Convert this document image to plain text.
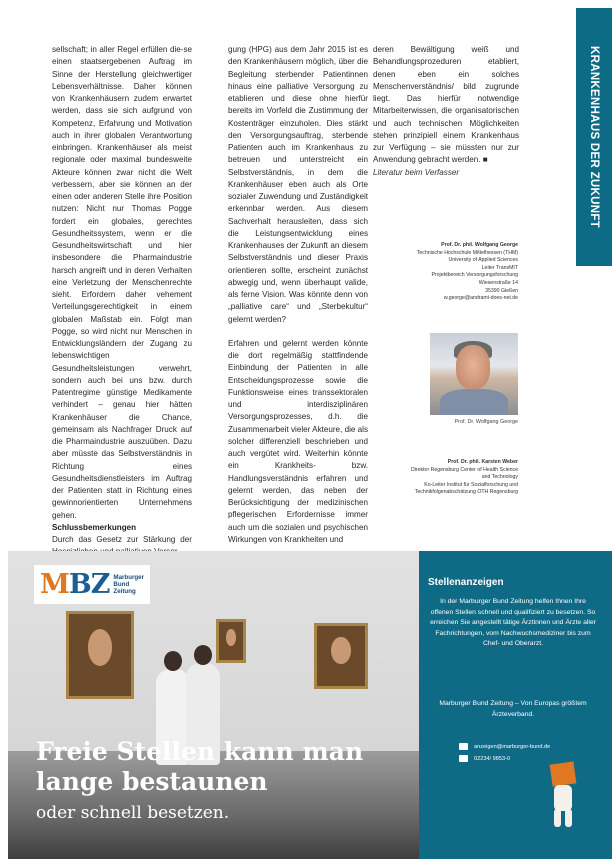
KRANKENHAUS DER ZUKUNFT

sellschaft; in aller Regel erfüllen die-se einen staatsergebenen Auftrag im Sinne der Herstellung gleichwertiger Lebensverhältnisse. Daher können von Krankenhäusern zudem erwartet werden, dass sie sich aufgrund von Kompetenz, Erfahrung und Motivation auch in ihrer globalen Verantwortung einbringen. Krankenhäuser als meist regionale oder maximal bundesweite Akteure können zwar nicht die Welt verbessern, aber sie können an der einen oder anderen Stelle ihre Position nutzen: Nicht nur Thomas Pogge fordert ein globales, gerechtes Gesundheitssystem, wenn er die Gesundheitswirtschaft und hier insbesondere die Pharmaindustrie harsch angreift und in deren Verhalten eine Verletzung der Menschenrechte sieht. Erfordern daher vehement Verteilungsgerechtigkeit in einem globalen Maßstab ein. Folgt man Pogge, so wird nicht nur Menschen in Entwicklungsländern der Zugang zu lebenswichtigen Gesundheitsleistungen verwehrt, sondern auch bei uns bzw. durch Patentregime günstige Medikamente verhindert – genau hier hätten Krankenhäuser die Chance, gemeinsam als Nachfrager Druck auf die Pharmaindustrie auszuüben. Dazu aber müsste das Selbstverständnis in Richtung eines Gesundheitsdienstleisters im Auftrag der Patienten statt in Richtung eines gewinnorientierten Unternehmens gehen.

Schlussbemerkungen

Durch das Gesetz zur Stärkung der

gung (HPG) aus dem Jahr 2015 ist es den Krankenhäusern möglich, über die Begleitung sterbender Patientinnen hinaus eine palliative Versorgung zu etablieren und diese ohne hierfür bereits im Vorfeld die Zustimmung der Kostenträger einzuholen. Dies stärkt den Versorgungsauftrag, sterbende Patienten auch im Krankenhaus zu betreuen und unterstreicht ein Selbstverständnis, in dem die Krankenhäuser eben auch als Orte sozialer Zuwendung und Zuständigkeit erkennbar werden. Aus diesem Sachverhalt herausleiten, dass sich die Leistungsentwicklung eines Krankenhauses der Zukunft an diesem Selbstverständnis und dieser Praxis orientieren sollte, erscheint zunächst abwegig und, wenn überhaupt valide, als ferne Vision. Was könnte denn von „palliative care“ und „Sterbekultur“ gelernt werden?

Erfahren und gelernt werden könnte die dort regelmäßig stattfindende Einbindung der Patienten in alle Entscheidungsprozesse sowie die Funktionsweise eines transsektoralen und interdisziplinären Versorgungsprozesses, d.h. die Zusammenarbeit vieler Akteure, die als solcher differenziell beschrieben und auch vergütet wird. Weiterhin könnte ein Krankheits- bzw. Handlungsverständnis erfahren und gelernt werden, das neben der Berücksichtigung der medizinischen pflegerischen Erfordernisse immer auch um die sozialen und psychischen Wirkungen von Krankheiten und

deren Bewältigung weiß und Behandlungsprozeduren etabliert, denen eben ein solches Menschenverständnis/ bild zugrunde liegt. Das hierfür notwendige Mitarbeiterwissen, die organisatorischen und auch technischen Möglichkeiten stehen prinzipiell einem Krankenhaus zur Verfügung – sie müssten nur zur Anwendung gebracht werden. ■

Literatur beim Verfasser

Prof. Dr. phil. Wolfgang George
Technische Hochschule Mittelhessen (THM)
University of Applied Sciences
Leiter TransMIT
Projektbereich Versorgungsforschung
Wiesenstraße 14
35390 Gießen
w.george@andrami-does-net.de
Prof. Dr. Wolfgang George
Prof. Dr. phil. Karsten Weber
Direktor Regensburg Center of Health Science
and Technology
Ko-Leiter Institut für Sozialforschung und
Technikfolgenabschätzung OTH Regensburg
M BZ Marburger
Bund
Zeitung
Freie Stellen kann man
lange bestaunen
oder schnell besetzen.
Stellenanzeigen
In der Marburger Bund Zeitung helfen Ihnen Ihre offenen Stellen schnell und qualifiziert zu besetzen. So erreichen Sie angestellt tätige Ärztinnen und Ärzte aller Fachrichtungen, vom Nachwuchsmediziner bis zum Chef- und Oberarzt.
Marburger Bund Zeitung – Von Europas größtem Ärzteverband.
anzeigen@marburger-bund.de
02234/ 9853-0
